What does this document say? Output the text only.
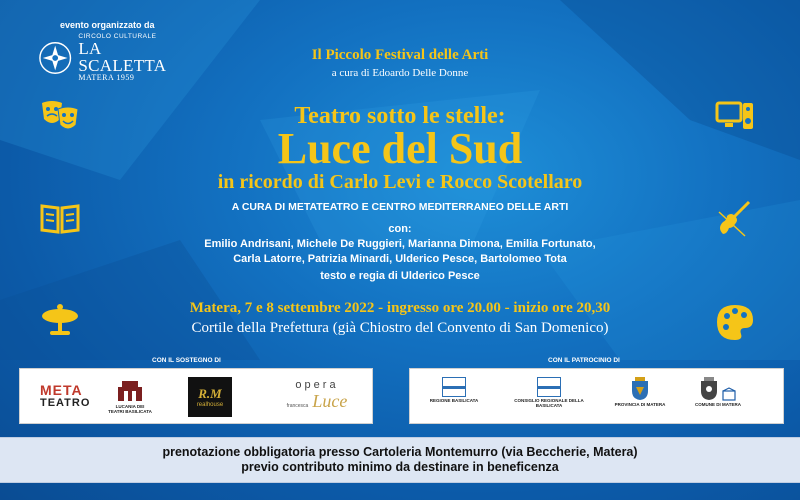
evento organizzato da
CIRCOLO CULTURALE
LA SCALETTA
MATERA 1959
Il Piccolo Festival delle Arti
a cura di Edoardo Delle Donne
Teatro sotto le stelle:
Luce del Sud
in ricordo di Carlo Levi e Rocco Scotellaro
A CURA DI METATEATRO E CENTRO MEDITERRANEO DELLE ARTI
con:
Emilio Andrisani, Michele De Ruggieri, Marianna Dimona, Emilia Fortunato,
Carla Latorre, Patrizia Minardi, Ulderico Pesce, Bartolomeo Tota
testo e regia di Ulderico Pesce
Matera, 7 e 8 settembre 2022 - ingresso ore 20.00 - inizio ore 20,30
Cortile della Prefettura (già Chiostro del Convento di San Domenico)
CON IL SOSTEGNO DI	CON IL PATROCINIO DI
META
TEATRO	LUCANIA DEI TEATRI BASILICATA
R.M
realhouse
opera
francesca Luce	REGIONE BASILICATA	CONSIGLIO REGIONALE DELLA BASILICATA	PROVINCIA DI MATERA	COMUNE DI MATERA
prenotazione obbligatoria presso Cartoleria Montemurro (via Beccherie, Matera)
previo contributo minimo da destinare in beneficenza
